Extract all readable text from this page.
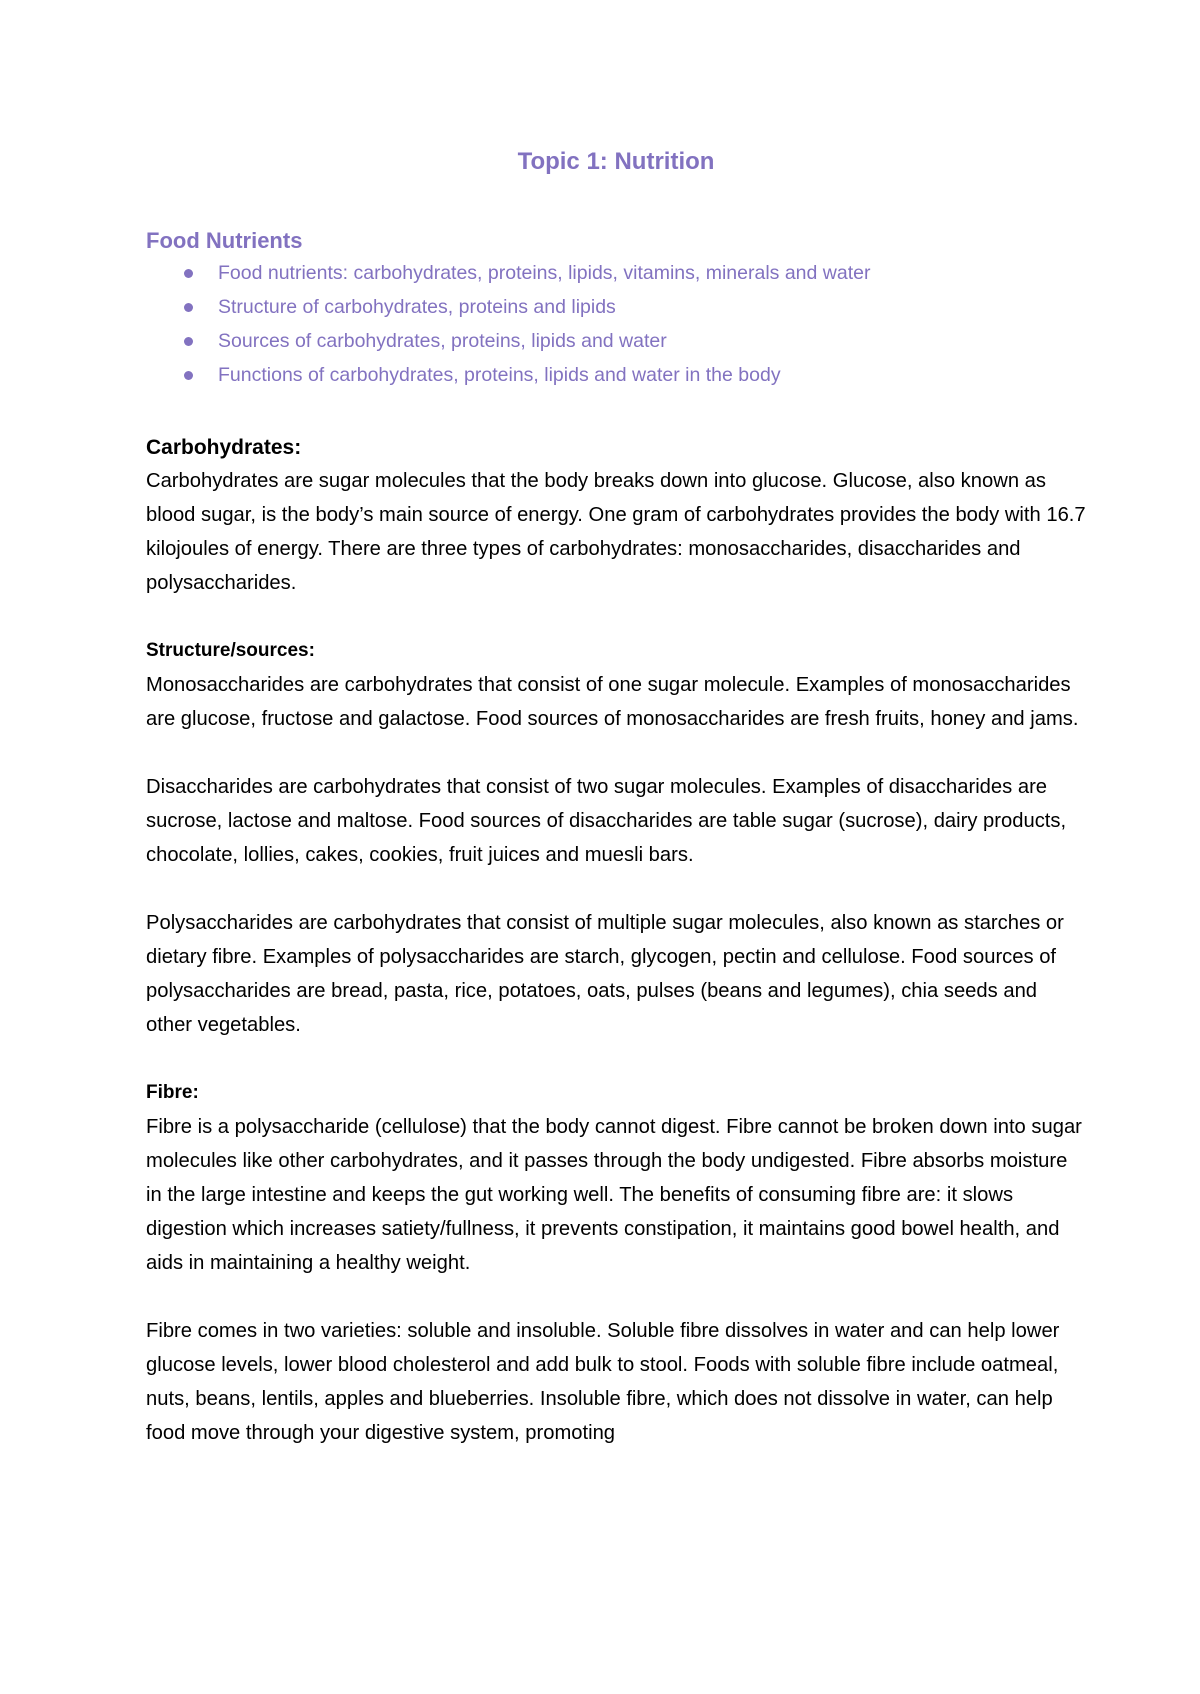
Topic 1: Nutrition
Food Nutrients
Food nutrients: carbohydrates, proteins, lipids, vitamins, minerals and water
Structure of carbohydrates, proteins and lipids
Sources of carbohydrates, proteins, lipids and water
Functions of carbohydrates, proteins, lipids and water in the body
Carbohydrates:

Carbohydrates are sugar molecules that the body breaks down into glucose. Glucose, also known as blood sugar, is the body’s main source of energy. One gram of carbohydrates provides the body with 16.7 kilojoules of energy. There are three types of carbohydrates: monosaccharides, disaccharides and polysaccharides.

Structure/sources:

Monosaccharides are carbohydrates that consist of one sugar molecule. Examples of monosaccharides are glucose, fructose and galactose. Food sources of monosaccharides are fresh fruits, honey and jams.

Disaccharides are carbohydrates that consist of two sugar molecules. Examples of disaccharides are sucrose, lactose and maltose. Food sources of disaccharides are table sugar (sucrose), dairy products, chocolate, lollies, cakes, cookies, fruit juices and muesli bars.

Polysaccharides are carbohydrates that consist of multiple sugar molecules, also known as starches or dietary fibre. Examples of polysaccharides are starch, glycogen, pectin and cellulose. Food sources of polysaccharides are bread, pasta, rice, potatoes, oats, pulses (beans and legumes), chia seeds and other vegetables.

Fibre:

Fibre is a polysaccharide (cellulose) that the body cannot digest. Fibre cannot be broken down into sugar molecules like other carbohydrates, and it passes through the body undigested. Fibre absorbs moisture in the large intestine and keeps the gut working well. The benefits of consuming fibre are: it slows digestion which increases satiety/fullness, it prevents constipation, it maintains good bowel health, and aids in maintaining a healthy weight.

Fibre comes in two varieties: soluble and insoluble. Soluble fibre dissolves in water and can help lower glucose levels, lower blood cholesterol and add bulk to stool. Foods with soluble fibre include oatmeal, nuts, beans, lentils, apples and blueberries. Insoluble fibre, which does not dissolve in water, can help food move through your digestive system, promoting
